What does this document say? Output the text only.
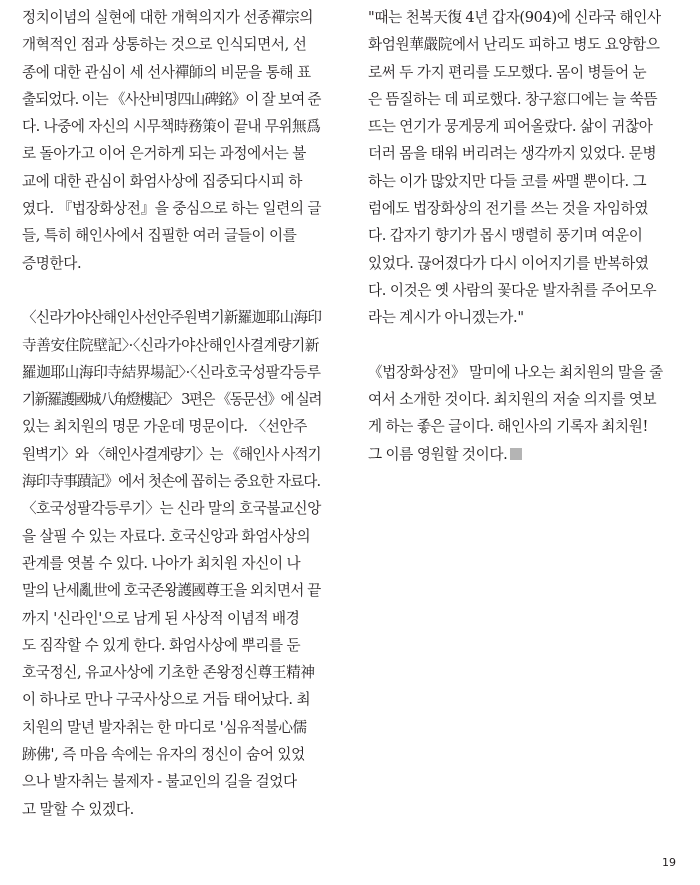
정치이념의 실현에 대한 개혁의지가 선종禪宗의
개혁적인 점과 상통하는 것으로 인식되면서, 선
종에 대한 관심이 세 선사禪師의 비문을 통해 표
출되었다. 이는 《사산비명四山碑銘》이 잘 보여 준
다. 나중에 자신의 시무책時務策이 끝내 무위無爲
로 돌아가고 이어 은거하게 되는 과정에서는 불
교에 대한 관심이 화엄사상에 집중되다시피 하
였다. 『법장화상전』을 중심으로 하는 일련의 글
들, 특히 해인사에서 집필한 여러 글들이 이를
증명한다.
〈신라가야산해인사선안주원벽기新羅迦耶山海印
寺善安住院壁記〉·〈신라가야산해인사결계량기新
羅迦耶山海印寺結界場記〉·〈신라호국성팔각등루
기新羅護國城八角燈樓記〉 3편은 《동문선》에 실려
있는 최치원의 명문 가운데 명문이다. 〈선안주
원벽기〉와 〈해인사결계량기〉는 《해인사 사적기
海印寺事蹟記》에서 첫손에 꼽히는 중요한 자료다.
〈호국성팔각등루기〉는 신라 말의 호국불교신앙
을 살필 수 있는 자료다. 호국신앙과 화엄사상의
관계를 엿볼 수 있다. 나아가 최치원 자신이 나
말의 난세亂世에 호국존왕護國尊王을 외치면서 끝
까지 '신라인'으로 남게 된 사상적 이념적 배경
도 짐작할 수 있게 한다. 화엄사상에 뿌리를 둔
호국정신, 유교사상에 기초한 존왕정신尊王精神
이 하나로 만나 구국사상으로 거듭 태어났다. 최
치원의 말년 발자취는 한 마디로 '심유적불心儒
跡佛', 즉 마음 속에는 유자의 정신이 숨어 있었
으나 발자취는 불제자 - 불교인의 길을 걸었다
고 말할 수 있겠다.
"때는 천복天復 4년 갑자(904)에 신라국 해인사
화엄원華嚴院에서 난리도 피하고 병도 요양함으
로써 두 가지 편리를 도모했다. 몸이 병들어 눈
은 뜸질하는 데 피로했다. 창구窓口에는 늘 쑥뜸
뜨는 연기가 뭉게뭉게 피어올랐다. 삶이 귀찮아
더러 몸을 태워 버리려는 생각까지 있었다. 문병
하는 이가 많았지만 다들 코를 싸맬 뿐이다. 그
럼에도 법장화상의 전기를 쓰는 것을 자임하였
다. 갑자기 향기가 몹시 맹렬히 풍기며 여운이
있었다. 끊어졌다가 다시 이어지기를 반복하였
다. 이것은 옛 사람의 꽃다운 발자취를 주어모우
라는 계시가 아니겠는가."
《법장화상전》 말미에 나오는 최치원의 말을 줄
여서 소개한 것이다. 최치원의 저술 의지를 엿보
게 하는 좋은 글이다. 해인사의 기록자 최치원!
그 이름 영원할 것이다.
19
